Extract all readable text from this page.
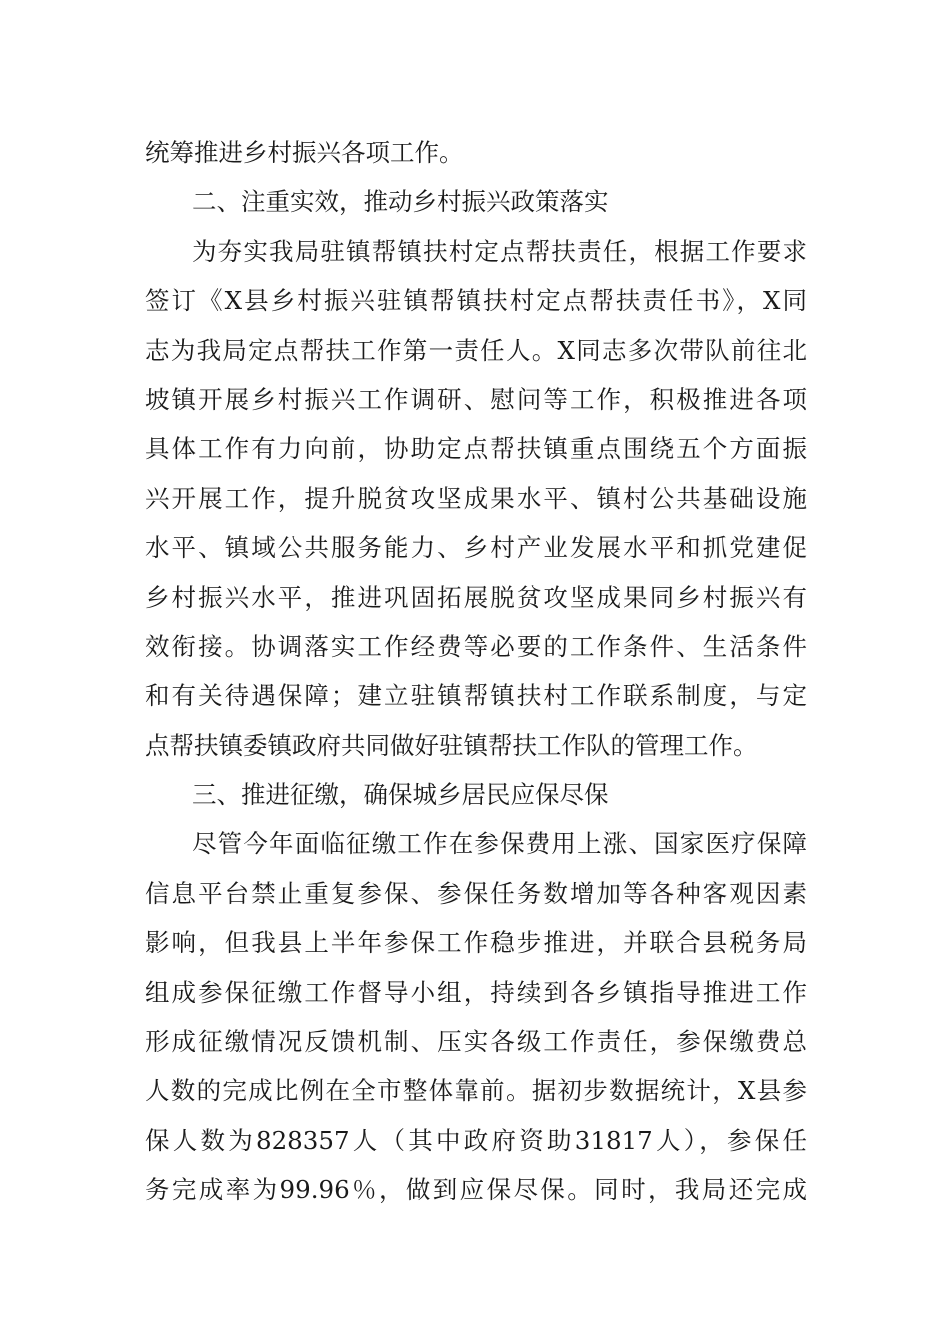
统筹推进乡村振兴各项工作。
二、注重实效，推动乡村振兴政策落实
为夯实我局驻镇帮镇扶村定点帮扶责任，根据工作要求
签订《X县乡村振兴驻镇帮镇扶村定点帮扶责任书》，X同
志为我局定点帮扶工作第一责任人。X同志多次带队前往北
坡镇开展乡村振兴工作调研、慰问等工作，积极推进各项
具体工作有力向前，协助定点帮扶镇重点围绕五个方面振
兴开展工作，提升脱贫攻坚成果水平、镇村公共基础设施
水平、镇域公共服务能力、乡村产业发展水平和抓党建促
乡村振兴水平，推进巩固拓展脱贫攻坚成果同乡村振兴有
效衔接。协调落实工作经费等必要的工作条件、生活条件
和有关待遇保障；建立驻镇帮镇扶村工作联系制度，与定
点帮扶镇委镇政府共同做好驻镇帮扶工作队的管理工作。
三、推进征缴，确保城乡居民应保尽保
尽管今年面临征缴工作在参保费用上涨、国家医疗保障
信息平台禁止重复参保、参保任务数增加等各种客观因素
影响，但我县上半年参保工作稳步推进，并联合县税务局
组成参保征缴工作督导小组，持续到各乡镇指导推进工作
形成征缴情况反馈机制、压实各级工作责任，参保缴费总
人数的完成比例在全市整体靠前。据初步数据统计，X县参
保人数为828357人（其中政府资助31817人），参保任
务完成率为99.96％，做到应保尽保。同时，我局还完成
